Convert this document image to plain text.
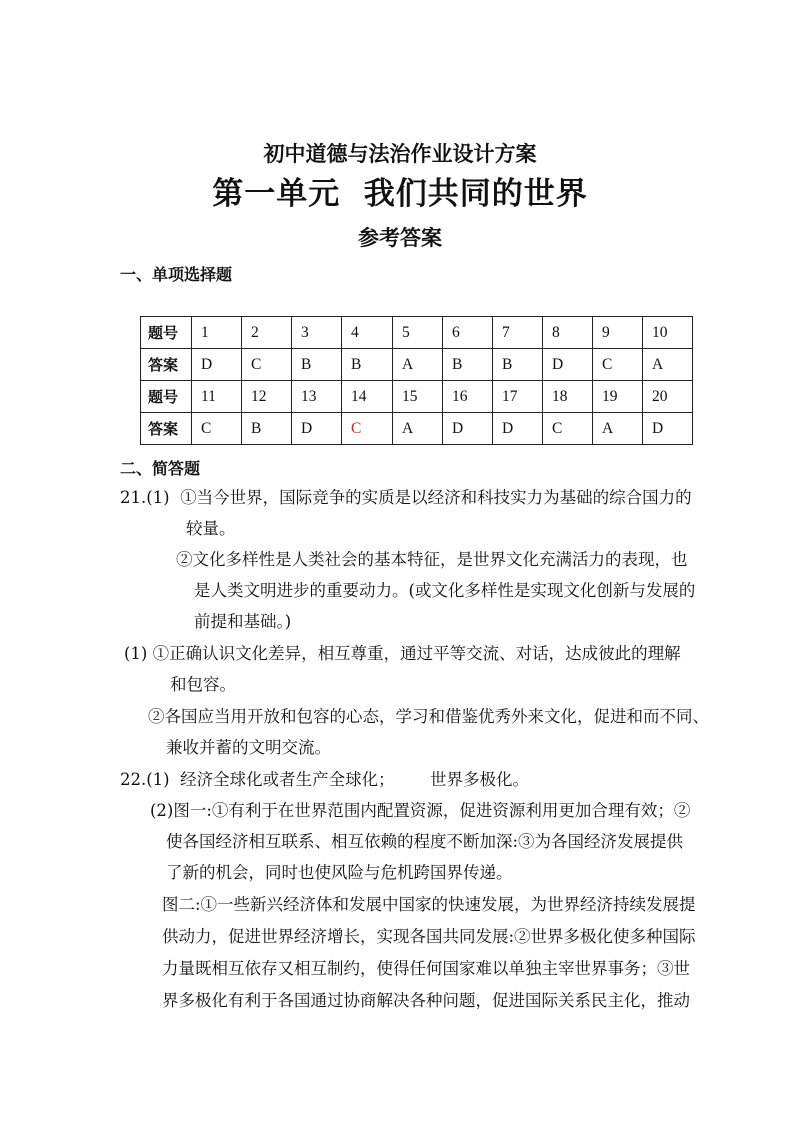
初中道德与法治作业设计方案
第一单元  我们共同的世界
参考答案
一、单项选择题
题号	1	2	3	4	5	6	7	8	9	10
答案	D	C	B	B	A	B	B	D	C	A
题号	11	12	13	14	15	16	17	18	19	20
答案	C	B	D	C	A	D	D	C	A	D
二、简答题
21.(1)  ①当今世界，国际竞争的实质是以经济和科技实力为基础的综合国力的
较量。
②文化多样性是人类社会的基本特征，是世界文化充满活力的表现，也
是人类文明进步的重要动力。(或文化多样性是实现文化创新与发展的
前提和基础。)
(1) ①正确认识文化差异，相互尊重，通过平等交流、对话，达成彼此的理解
和包容。
②各国应当用开放和包容的心态，学习和借鉴优秀外来文化，促进和而不同、
兼收并蓄的文明交流。
22.(1)  经济全球化或者生产全球化； 世界多极化。
(2)图一:①有利于在世界范围内配置资源，促进资源利用更加合理有效；②
使各国经济相互联系、相互依赖的程度不断加深:③为各国经济发展提供
了新的机会，同时也使风险与危机跨国界传递。
图二:①一些新兴经济体和发展中国家的快速发展，为世界经济持续发展提
供动力，促进世界经济增长，实现各国共同发展:②世界多极化使多种国际
力量既相互依存又相互制约，使得任何国家难以单独主宰世界事务；③世
界多极化有利于各国通过协商解决各种问题，促进国际关系民主化，推动
